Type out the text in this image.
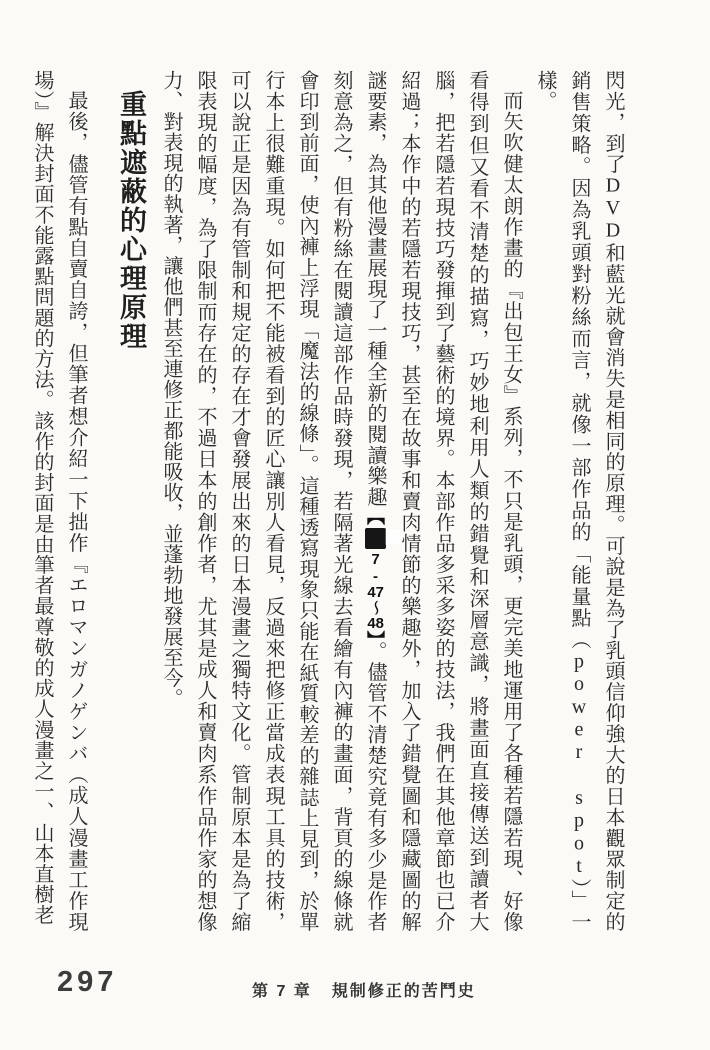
閃光，到了DVD和藍光就會消失是相同的原理。可說是為了乳頭信仰強大的日本觀眾制定的銷售策略。因為乳頭對粉絲而言，就像一部作品的「能量點（power spot）」一樣。

而矢吹健太朗作畫的『出包王女』系列，不只是乳頭，更完美地運用了各種若隱若現、好像看得到但又看不清楚的描寫，巧妙地利用人類的錯覺和深層意識，將畫面直接傳送到讀者大腦，把若隱若現技巧發揮到了藝術的境界。本部作品多采多姿的技法，我們在其他章節也已介紹過；本作中的若隱若現技巧，甚至在故事和賣肉情節的樂趣外，加入了錯覺圖和隱藏圖的解謎要素，為其他漫畫展現了一種全新的閱讀樂趣【圖7-47〜48】。儘管不清楚究竟有多少是作者刻意為之，但有粉絲在閱讀這部作品時發現，若隔著光線去看繪有內褲的畫面，背頁的線條就會印到前面，使內褲上浮現「魔法的線條」。這種透寫現象只能在紙質較差的雜誌上見到，於單行本上很難重現。如何把不能被看到的匠心讓別人看見，反過來把修正當成表現工具的技術，可以說正是因為有管制和規定的存在才會發展出來的日本漫畫之獨特文化。管制原本是為了縮限表現的幅度，為了限制而存在的，不過日本的創作者，尤其是成人和賣肉系作品作家的想像力、對表現的執著，讓他們甚至連修正都能吸收，並蓬勃地發展至今。

重點遮蔽的心理原理

最後，儘管有點自賣自誇，但筆者想介紹一下拙作『エロマンガノゲンバ（成人漫畫工作現場）』解決封面不能露點問題的方法。該作的封面是由筆者最尊敬的成人漫畫之一、山本直樹老

297	第 7 章 規制修正的苦鬥史
